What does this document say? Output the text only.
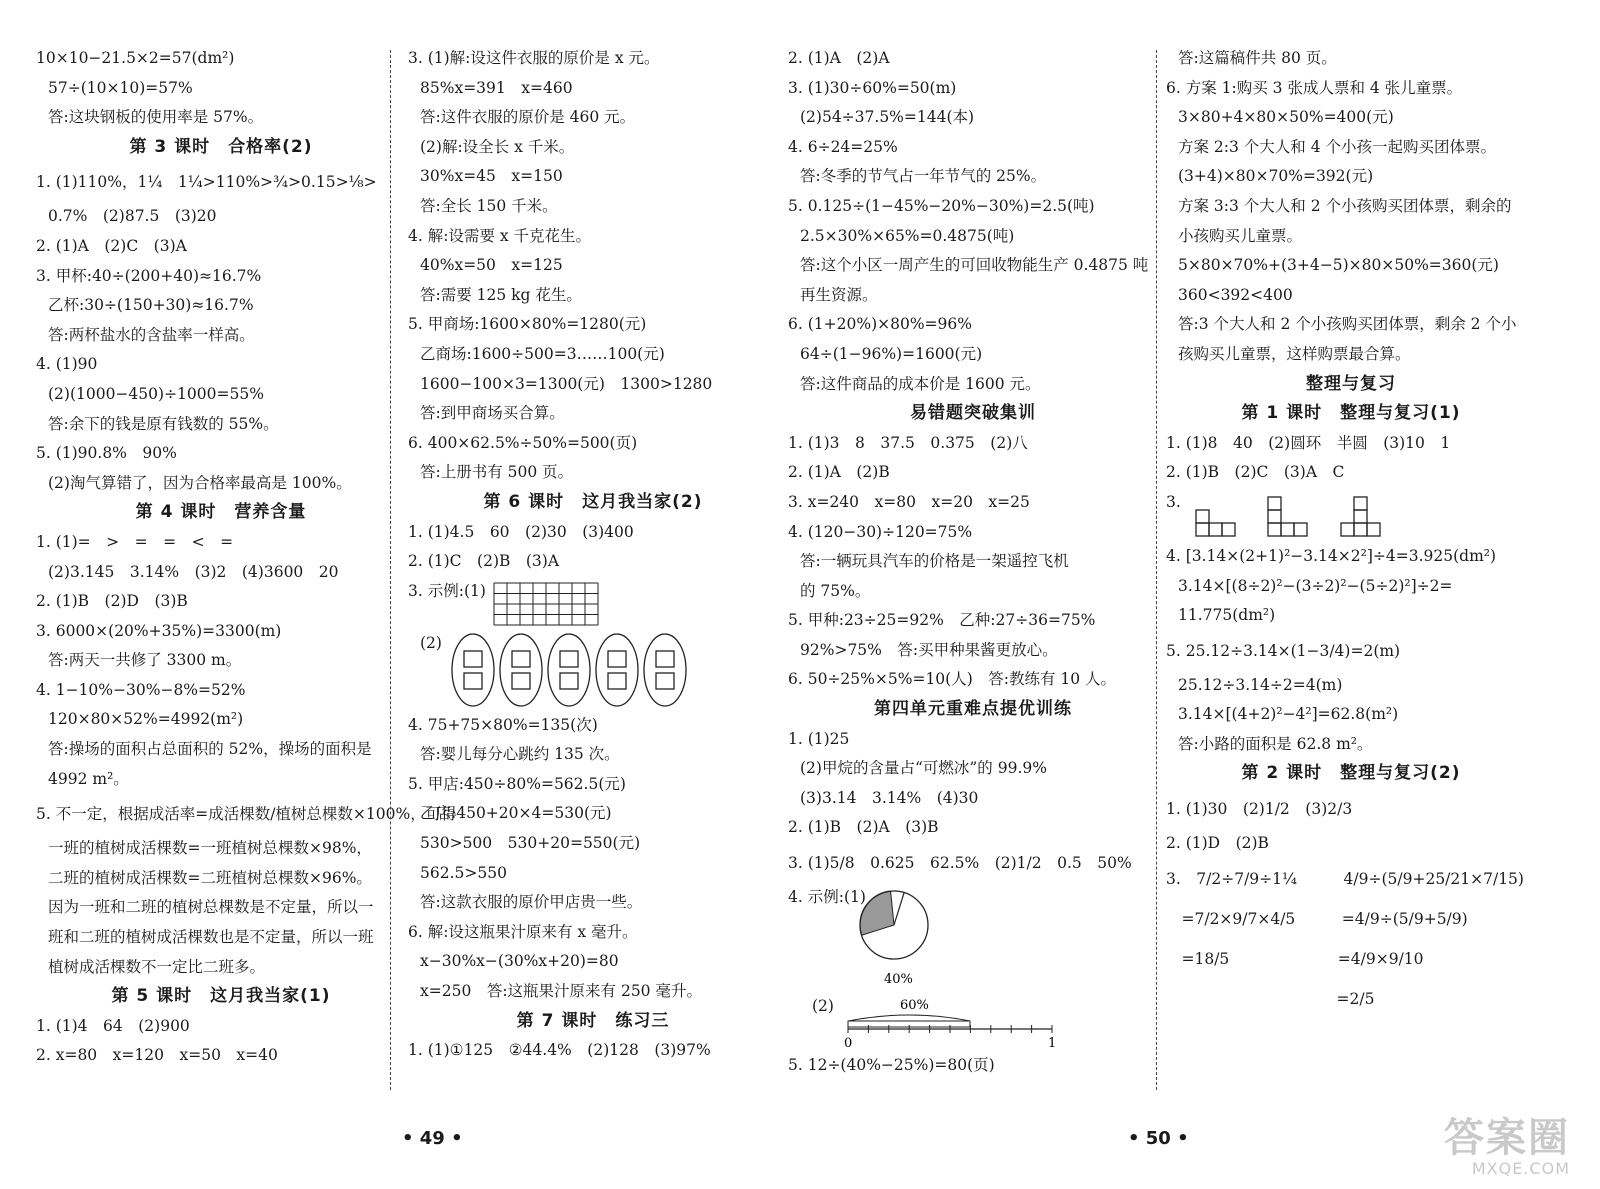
10×10−21.5×2=57(dm²)
57÷(10×10)=57%
答:这块钢板的使用率是 57%。
第 3 课时　合格率(2)
1. (1)110%，1¼　1¼>110%>¾>0.15>⅛>
0.7%　(2)87.5　(3)20
2. (1)A　(2)C　(3)A
3. 甲杯:40÷(200+40)≈16.7%
乙杯:30÷(150+30)≈16.7%
答:两杯盐水的含盐率一样高。
4. (1)90
(2)(1000−450)÷1000=55%
答:余下的钱是原有钱数的 55%。
5. (1)90.8%　90%
(2)淘气算错了，因为合格率最高是 100%。
第 4 课时　营养含量
1. (1)=　>　=　=　<　=
(2)3.145　3.14%　(3)2　(4)3600　20
2. (1)B　(2)D　(3)B
3. 6000×(20%+35%)=3300(m)
答:两天一共修了 3300 m。
4. 1−10%−30%−8%=52%
120×80×52%=4992(m²)
答:操场的面积占总面积的 52%，操场的面积是
4992 m²。
5. 不一定，根据成活率=成活棵数/植树总棵数×100%，可得
一班的植树成活棵数=一班植树总棵数×98%，
二班的植树成活棵数=二班植树总棵数×96%。
因为一班和二班的植树总棵数是不定量，所以一
班和二班的植树成活棵数也是不定量，所以一班
植树成活棵数不一定比二班多。
第 5 课时　这月我当家(1)
1. (1)4　64　(2)900
2. x=80　x=120　x=50　x=40
3. (1)解:设这件衣服的原价是 x 元。
85%x=391　x=460
答:这件衣服的原价是 460 元。
(2)解:设全长 x 千米。
30%x=45　x=150
答:全长 150 千米。
4. 解:设需要 x 千克花生。
40%x=50　x=125
答:需要 125 kg 花生。
5. 甲商场:1600×80%=1280(元)
乙商场:1600÷500=3……100(元)
1600−100×3=1300(元)　1300>1280
答:到甲商场买合算。
6. 400×62.5%÷50%=500(页)
答:上册书有 500 页。
第 6 课时　这月我当家(2)
1. (1)4.5　60　(2)30　(3)400
2. (1)C　(2)B　(3)A
3. 示例:(1)
(2)
4. 75+75×80%=135(次)
答:婴儿每分心跳约 135 次。
5. 甲店:450÷80%=562.5(元)
乙店:450+20×4=530(元)
530>500　530+20=550(元)
562.5>550
答:这款衣服的原价甲店贵一些。
6. 解:设这瓶果汁原来有 x 毫升。
x−30%x−(30%x+20)=80
x=250　答:这瓶果汁原来有 250 毫升。
第 7 课时　练习三
1. (1)①125　②44.4%　(2)128　(3)97%
• 49 •
2. (1)A　(2)A
3. (1)30÷60%=50(m)
(2)54÷37.5%=144(本)
4. 6÷24=25%
答:冬季的节气占一年节气的 25%。
5. 0.125÷(1−45%−20%−30%)=2.5(吨)
2.5×30%×65%=0.4875(吨)
答:这个小区一周产生的可回收物能生产 0.4875 吨
再生资源。
6. (1+20%)×80%=96%
64÷(1−96%)=1600(元)
答:这件商品的成本价是 1600 元。
易错题突破集训
1. (1)3　8　37.5　0.375　(2)八
2. (1)A　(2)B
3. x=240　x=80　x=20　x=25
4. (120−30)÷120=75%
答:一辆玩具汽车的价格是一架遥控飞机
的 75%。
5. 甲种:23÷25=92%　乙种:27÷36=75%
92%>75%　答:买甲种果酱更放心。
6. 50÷25%×5%=10(人)　答:教练有 10 人。
第四单元重难点提优训练
1. (1)25
(2)甲烷的含量占“可燃冰”的 99.9%
(3)3.14̇　3.14%　(4)30
2. (1)B　(2)A　(3)B
3. (1)5/8　0.625　62.5%　(2)1/2　0.5　50%
4. 示例:(1)
40%
(2)	60%
0	1
5. 12÷(40%−25%)=80(页)
答:这篇稿件共 80 页。
6. 方案 1:购买 3 张成人票和 4 张儿童票。
3×80+4×80×50%=400(元)
方案 2:3 个大人和 4 个小孩一起购买团体票。
(3+4)×80×70%=392(元)
方案 3:3 个大人和 2 个小孩购买团体票，剩余的
小孩购买儿童票。
5×80×70%+(3+4−5)×80×50%=360(元)
360<392<400
答:3 个大人和 2 个小孩购买团体票，剩余 2 个小
孩购买儿童票，这样购票最合算。
整理与复习
第 1 课时　整理与复习(1)
1. (1)8　40　(2)圆环　半圆　(3)10　1
2. (1)B　(2)C　(3)A　C
3.
4. [3.14×(2+1)²−3.14×2²]÷4=3.925(dm²)
3.14×[(8÷2)²−(3÷2)²−(5÷2)²]÷2=
11.775(dm²)
5. 25.12÷3.14×(1−3/4)=2(m)
25.12÷3.14÷2=4(m)
3.14×[(4+2)²−4²]=62.8(m²)
答:小路的面积是 62.8 m²。
第 2 课时　整理与复习(2)
1. (1)30　(2)1/2　(3)2/3
2. (1)D　(2)B
3.　7/2÷7/9÷1¼　　　4/9÷(5/9+25/21×7/15)
　=7/2×9/7×4/5　　　=4/9÷(5/9+5/9)
　=18/5　　　　　　　=4/9×9/10
　　　　　　　　　　　=2/5
• 50 •	答案圈
MXQE.COM
